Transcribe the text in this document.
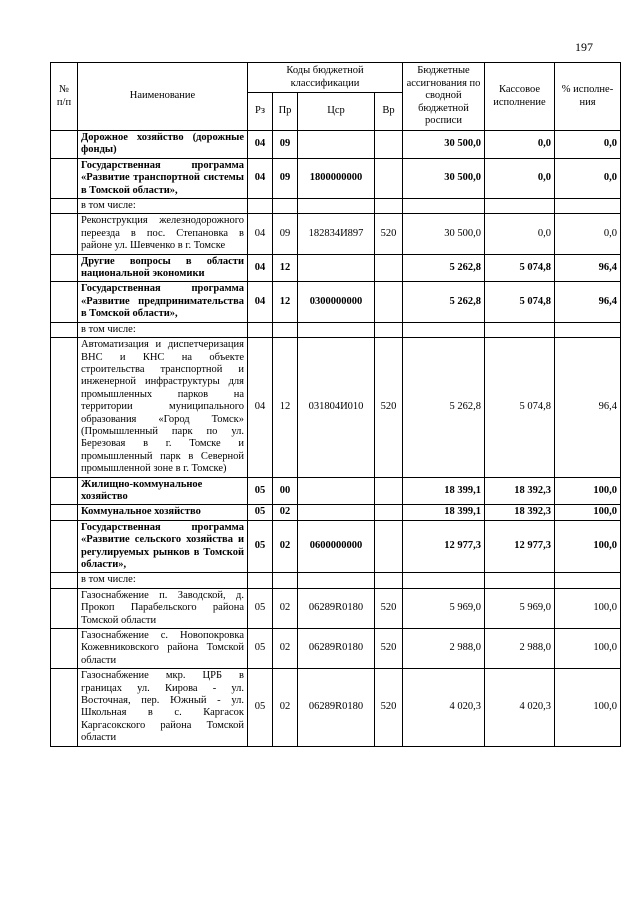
197
№ п/п	Наименование	Коды бюджетной классификации				Бюджетные ассигнования по сводной бюджетной росписи	Кассовое исполнение	% исполне-ния
		Рз	Пр	Цср	Вр			
	Дорожное хозяйство (дорожные фонды)	04	09			30 500,0	0,0	0,0
	Государственная программа «Развитие транспортной системы в Томской области»,	04	09	1800000000		30 500,0	0,0	0,0
	в том числе:							
	Реконструкция железнодорожного переезда в пос. Степановка в районе ул. Шевченко в г. Томске	04	09	182834И897	520	30 500,0	0,0	0,0
	Другие вопросы в области национальной экономики	04	12			5 262,8	5 074,8	96,4
	Государственная программа «Развитие предпринимательства в Томской области»,	04	12	0300000000		5 262,8	5 074,8	96,4
	в том числе:							
	Автоматизация и диспетчеризация ВНС и КНС на объекте строительства транспортной и инженерной инфраструктуры для промышленных парков на территории муниципального образования «Город Томск» (Промышленный парк по ул. Березовая в г. Томске и промышленный парк в Северной промышленной зоне в г. Томске)	04	12	031804И010	520	5 262,8	5 074,8	96,4
	Жилищно-коммунальное хозяйство	05	00			18 399,1	18 392,3	100,0
	Коммунальное хозяйство	05	02			18 399,1	18 392,3	100,0
	Государственная программа «Развитие сельского хозяйства и регулируемых рынков в Томской области»,	05	02	0600000000		12 977,3	12 977,3	100,0
	в том числе:							
	Газоснабжение п. Заводской, д. Прокоп Парабельского района Томской области	05	02	06289R0180	520	5 969,0	5 969,0	100,0
	Газоснабжение с. Новопокровка Кожевниковского района Томской области	05	02	06289R0180	520	2 988,0	2 988,0	100,0
	Газоснабжение мкр. ЦРБ в границах ул. Кирова - ул. Восточная, пер. Южный - ул. Школьная в с. Каргасок Каргасокского района Томской области	05	02	06289R0180	520	4 020,3	4 020,3	100,0
